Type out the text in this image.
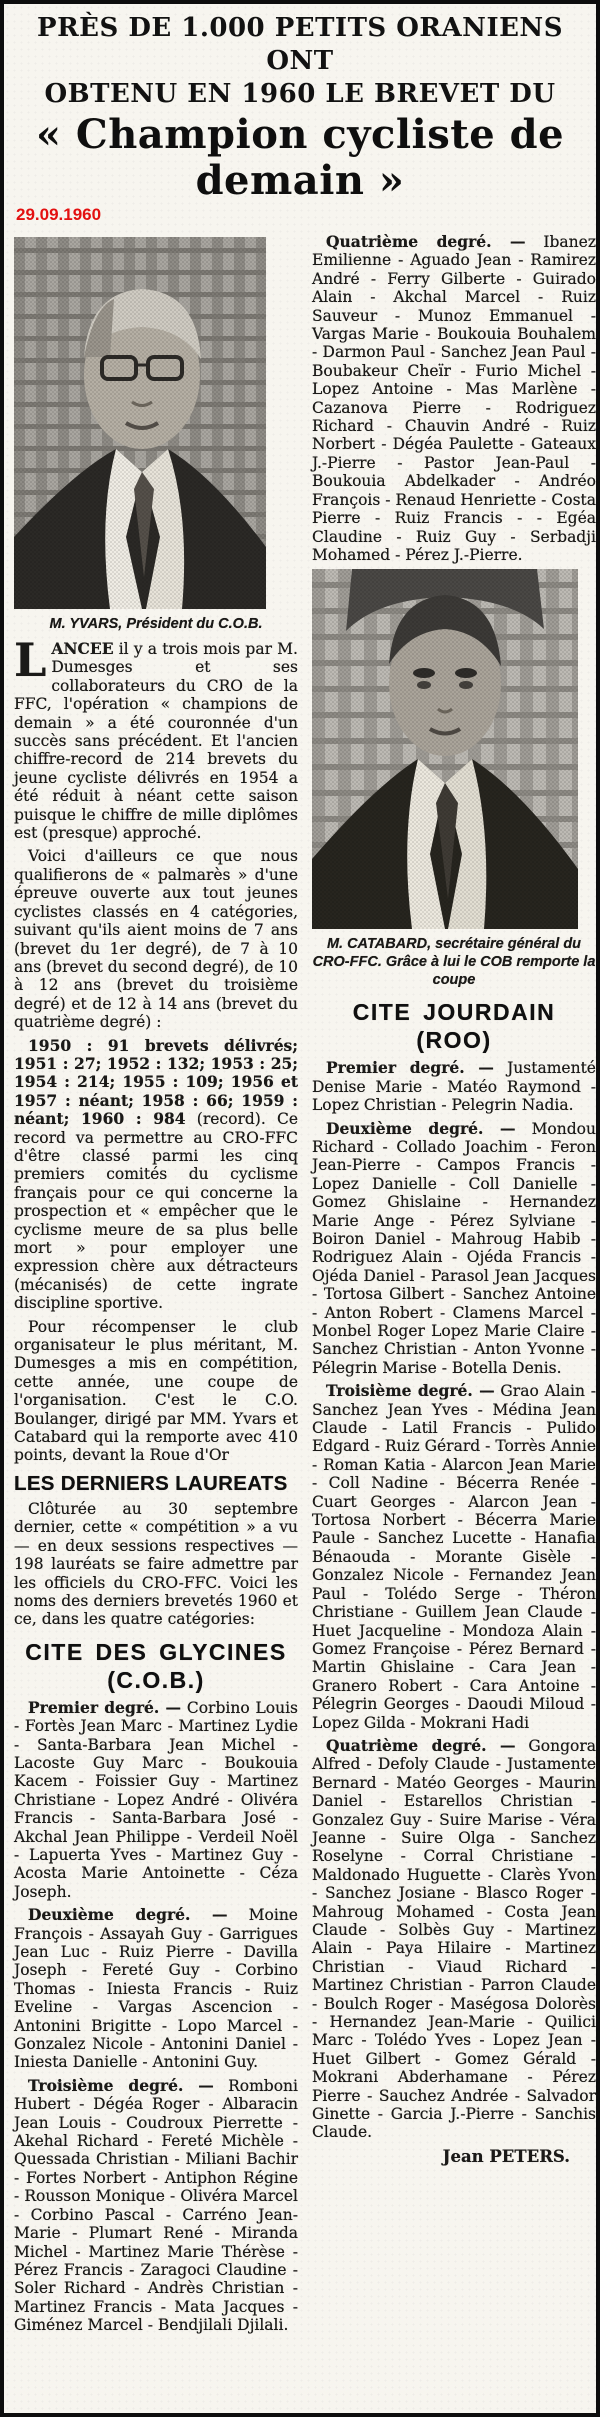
PRÈS DE 1.000 PETITS ORANIENS ONT
OBTENU EN 1960 LE BREVET DU
« Champion cycliste de demain »
29.09.1960

M. YVARS, Président du C.O.B.

LANCEE il y a trois mois par M. Dumesges et ses collaborateurs du CRO de la FFC, l'opération « champions de demain » a été couronnée d'un succès sans précédent. Et l'ancien chiffre-record de 214 brevets du jeune cycliste délivrés en 1954 a été réduit à néant cette saison puisque le chiffre de mille diplômes est (presque) approché.

Voici d'ailleurs ce que nous qualifierons de « palmarès » d'une épreuve ouverte aux tout jeunes cyclistes classés en 4 catégories, suivant qu'ils aient moins de 7 ans (brevet du 1er degré), de 7 à 10 ans (brevet du second degré), de 10 à 12 ans (brevet du troisième degré) et de 12 à 14 ans (brevet du quatrième degré) :

1950 : 91 brevets délivrés; 1951 : 27; 1952 : 132; 1953 : 25; 1954 : 214; 1955 : 109; 1956 et 1957 : néant; 1958 : 66; 1959 : néant; 1960 : 984 (record). Ce record va permettre au CRO-FFC d'être classé parmi les cinq premiers comités du cyclisme français pour ce qui concerne la prospection et « empêcher que le cyclisme meure de sa plus belle mort » pour employer une expression chère aux détracteurs (mécanisés) de cette ingrate discipline sportive.

Pour récompenser le club organisateur le plus méritant, M. Dumesges a mis en compétition, cette année, une coupe de l'organisation. C'est le C.O. Boulanger, dirigé par MM. Yvars et Catabard qui la remporte avec 410 points, devant la Roue d'Or

LES DERNIERS LAUREATS

Clôturée au 30 septembre dernier, cette « compétition » a vu — en deux sessions respectives — 198 lauréats se faire admettre par les officiels du CRO-FFC. Voici les noms des derniers brevetés 1960 et ce, dans les quatre catégories:

CITE DES GLYCINES
(C.O.B.)

Premier degré. — Corbino Louis - Fortès Jean Marc - Martinez Lydie - Santa-Barbara Jean Michel - Lacoste Guy Marc - Boukouia Kacem - Foissier Guy - Martinez Christiane - Lopez André - Olivéra Francis - Santa-Barbara José - Akchal Jean Philippe - Verdeil Noël - Lapuerta Yves - Martinez Guy - Acosta Marie Antoinette - Céza Joseph.

Deuxième degré. — Moine François - Assayah Guy - Garrigues Jean Luc - Ruiz Pierre - Davilla Joseph - Fereté Guy - Corbino Thomas - Iniesta Francis - Ruiz Eveline - Vargas Ascencion - Antonini Brigitte - Lopo Marcel - Gonzalez Nicole - Antonini Daniel - Iniesta Danielle - Antonini Guy.

Troisième degré. — Romboni Hubert - Dégéa Roger - Albaracin Jean Louis - Coudroux Pierrette - Akehal Richard - Fereté Michèle - Quessada Christian - Miliani Bachir - Fortes Norbert - Antiphon Régine - Rousson Monique - Olivéra Marcel - Corbino Pascal - Carréno Jean-Marie - Plumart René - Miranda Michel - Martinez Marie Thérèse - Pérez Francis - Zaragoci Claudine - Soler Richard - Andrès Christian - Martinez Francis - Mata Jacques - Giménez Marcel - Bendjilali Djilali.

Quatrième degré. — Ibanez Emilienne - Aguado Jean - Ramirez André - Ferry Gilberte - Guirado Alain - Akchal Marcel - Ruiz Sauveur - Munoz Emmanuel - Vargas Marie - Boukouia Bouhalem - Darmon Paul - Sanchez Jean Paul - Boubakeur Cheïr - Furio Michel - Lopez Antoine - Mas Marlène - Cazanova Pierre - Rodriguez Richard - Chauvin André - Ruiz Norbert - Dégéa Paulette - Gateaux J.-Pierre - Pastor Jean-Paul - Boukouia Abdelkader - Andréo François - Renaud Henriette - Costa Pierre - Ruiz Francis - - Egéa Claudine - Ruiz Guy - Serbadji Mohamed - Pérez J.-Pierre.

M. CATABARD, secrétaire général du CRO-FFC. Grâce à lui le COB remporte la coupe

CITE JOURDAIN (ROO)

Premier degré. — Justamenté Denise Marie - Matéo Raymond - Lopez Christian - Pelegrin Nadia.

Deuxième degré. — Mondou Richard - Collado Joachim - Feron Jean-Pierre - Campos Francis - Lopez Danielle - Coll Danielle - Gomez Ghislaine - Hernandez Marie Ange - Pérez Sylviane - Boiron Daniel - Mahroug Habib - Rodriguez Alain - Ojéda Francis - Ojéda Daniel - Parasol Jean Jacques - Tortosa Gilbert - Sanchez Antoine - Anton Robert - Clamens Marcel - Monbel Roger Lopez Marie Claire - Sanchez Christian - Anton Yvonne - Pélegrin Marise - Botella Denis.

Troisième degré. — Grao Alain - Sanchez Jean Yves - Médina Jean Claude - Latil Francis - Pulido Edgard - Ruiz Gérard - Torrès Annie - Roman Katia - Alarcon Jean Marie - Coll Nadine - Bécerra Renée - Cuart Georges - Alarcon Jean - Tortosa Norbert - Bécerra Marie Paule - Sanchez Lucette - Hanafia Bénaouda - Morante Gisèle - Gonzalez Nicole - Fernandez Jean Paul - Tolédo Serge - Théron Christiane - Guillem Jean Claude - Huet Jacqueline - Mondoza Alain - Gomez Françoise - Pérez Bernard - Martin Ghislaine - Cara Jean - Granero Robert - Cara Antoine - Pélegrin Georges - Daoudi Miloud - Lopez Gilda - Mokrani Hadi

Quatrième degré. — Gongora Alfred - Defoly Claude - Justamente Bernard - Matéo Georges - Maurin Daniel - Estarellos Christian - Gonzalez Guy - Suire Marise - Véra Jeanne - Suire Olga - Sanchez Roselyne - Corral Christiane - Maldonado Huguette - Clarès Yvon - Sanchez Josiane - Blasco Roger - Mahroug Mohamed - Costa Jean Claude - Solbès Guy - Martinez Alain - Paya Hilaire - Martinez Christian - Viaud Richard - Martinez Christian - Parron Claude - Boulch Roger - Maségosa Dolorès - Hernandez Jean-Marie - Quilici Marc - Tolédo Yves - Lopez Jean - Huet Gilbert - Gomez Gérald - Mokrani Abderhamane - Pérez Pierre - Sauchez Andrée - Salvador Ginette - Garcia J.-Pierre - Sanchis Claude.

Jean PETERS.
